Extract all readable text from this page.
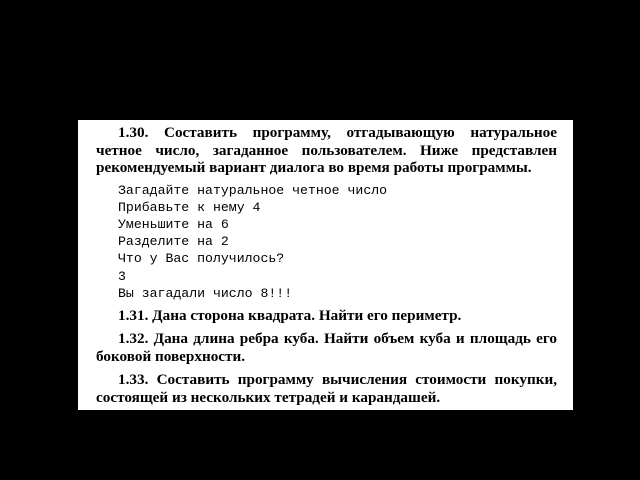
1.30. Составить программу, отгадывающую натуральное четное число, загаданное пользователем. Ниже представлен рекомендуемый вариант диалога во время работы программы.

Загадайте натуральное четное число
Прибавьте к нему 4
Уменьшите на 6
Разделите на 2
Что у Вас получилось?
3
Вы загадали число 8!!!

1.31. Дана сторона квадрата. Найти его периметр.

1.32. Дана длина ребра куба. Найти объем куба и площадь его боковой поверхности.

1.33. Составить программу вычисления стоимости покупки, состоящей из нескольких тетрадей и карандашей.
